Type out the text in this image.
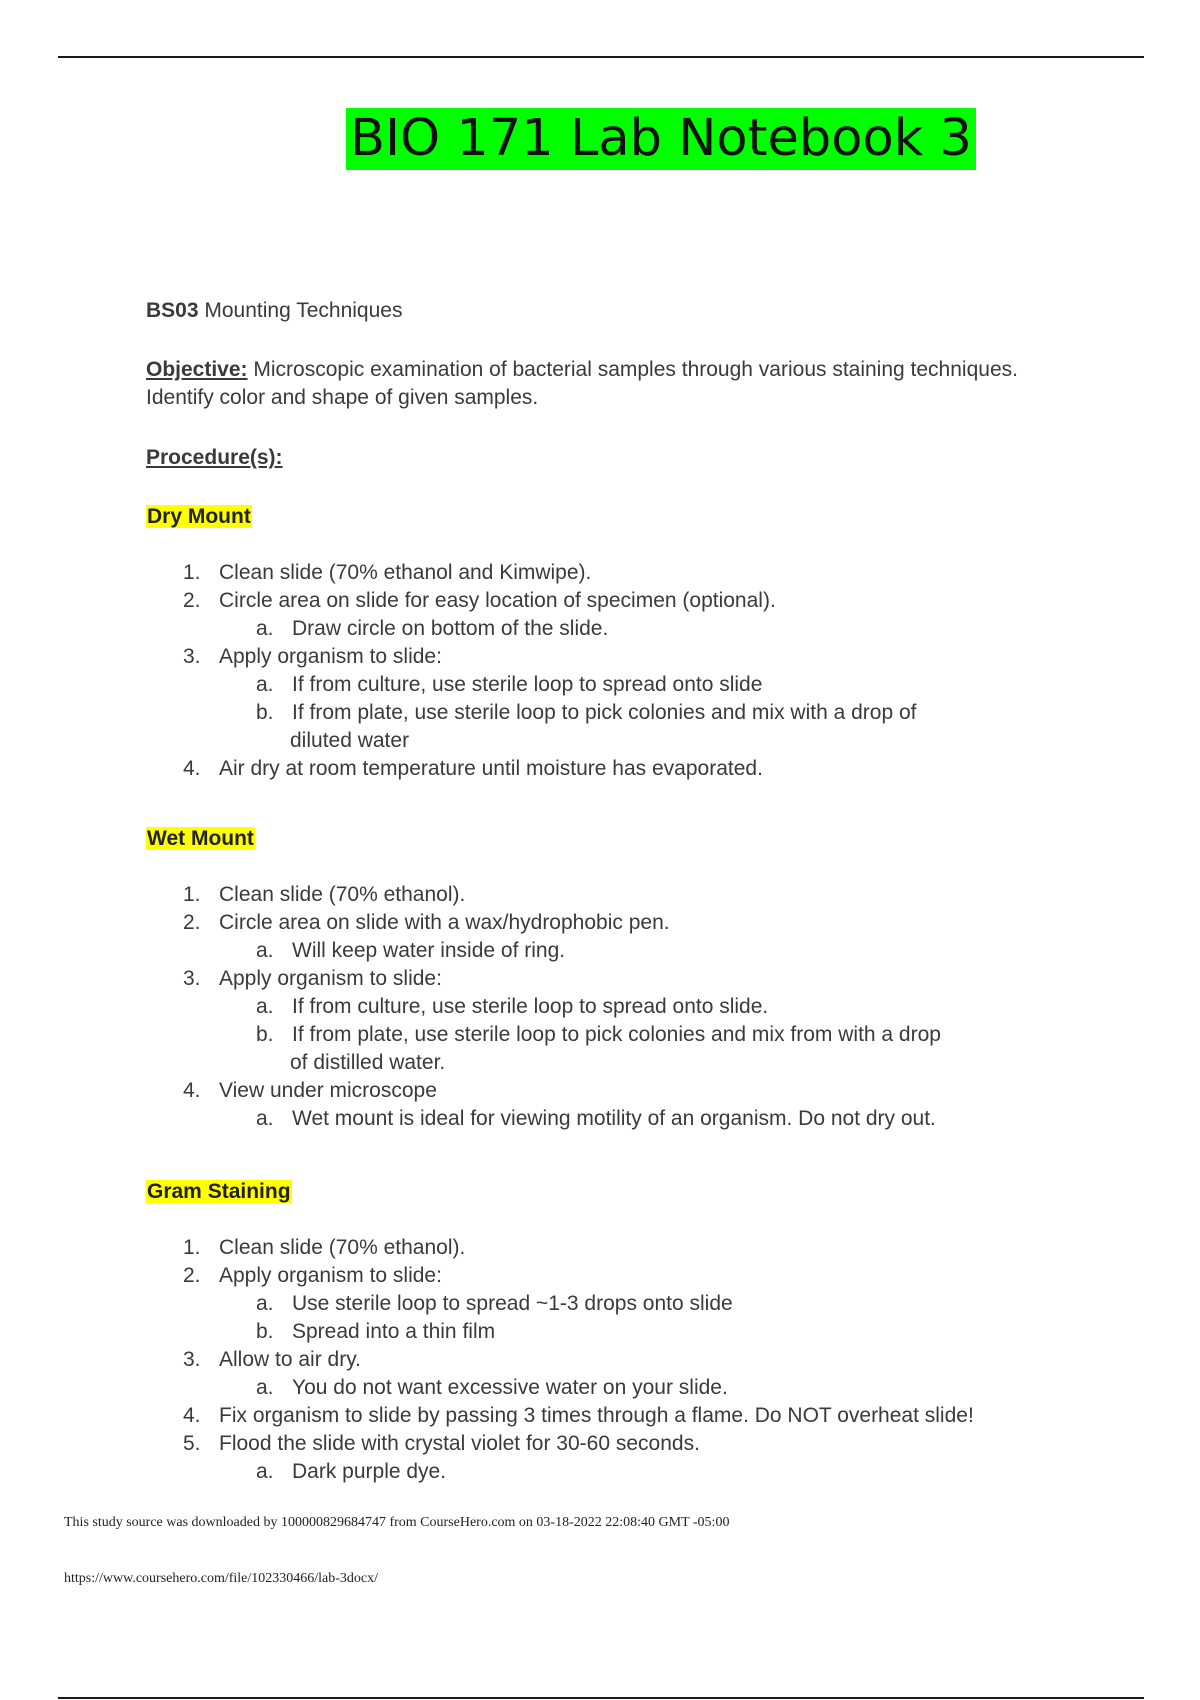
BIO 171 Lab Notebook 3
BS03 Mounting Techniques
Objective: Microscopic examination of bacterial samples through various staining techniques.
Identify color and shape of given samples.
Procedure(s):
Dry Mount
1. Clean slide (70% ethanol and Kimwipe).
2. Circle area on slide for easy location of specimen (optional).
a. Draw circle on bottom of the slide.
3. Apply organism to slide:
a. If from culture, use sterile loop to spread onto slide
b. If from plate, use sterile loop to pick colonies and mix with a drop of
diluted water
4. Air dry at room temperature until moisture has evaporated.
Wet Mount
1. Clean slide (70% ethanol).
2. Circle area on slide with a wax/hydrophobic pen.
a. Will keep water inside of ring.
3. Apply organism to slide:
a. If from culture, use sterile loop to spread onto slide.
b. If from plate, use sterile loop to pick colonies and mix from with a drop
of distilled water.
4. View under microscope
a. Wet mount is ideal for viewing motility of an organism. Do not dry out.
Gram Staining
1. Clean slide (70% ethanol).
2. Apply organism to slide:
a. Use sterile loop to spread ~1-3 drops onto slide
b. Spread into a thin film
3. Allow to air dry.
a. You do not want excessive water on your slide.
4. Fix organism to slide by passing 3 times through a flame. Do NOT overheat slide!
5. Flood the slide with crystal violet for 30-60 seconds.
a. Dark purple dye.
This study source was downloaded by 100000829684747 from CourseHero.com on 03-18-2022 22:08:40 GMT -05:00
https://www.coursehero.com/file/102330466/lab-3docx/
